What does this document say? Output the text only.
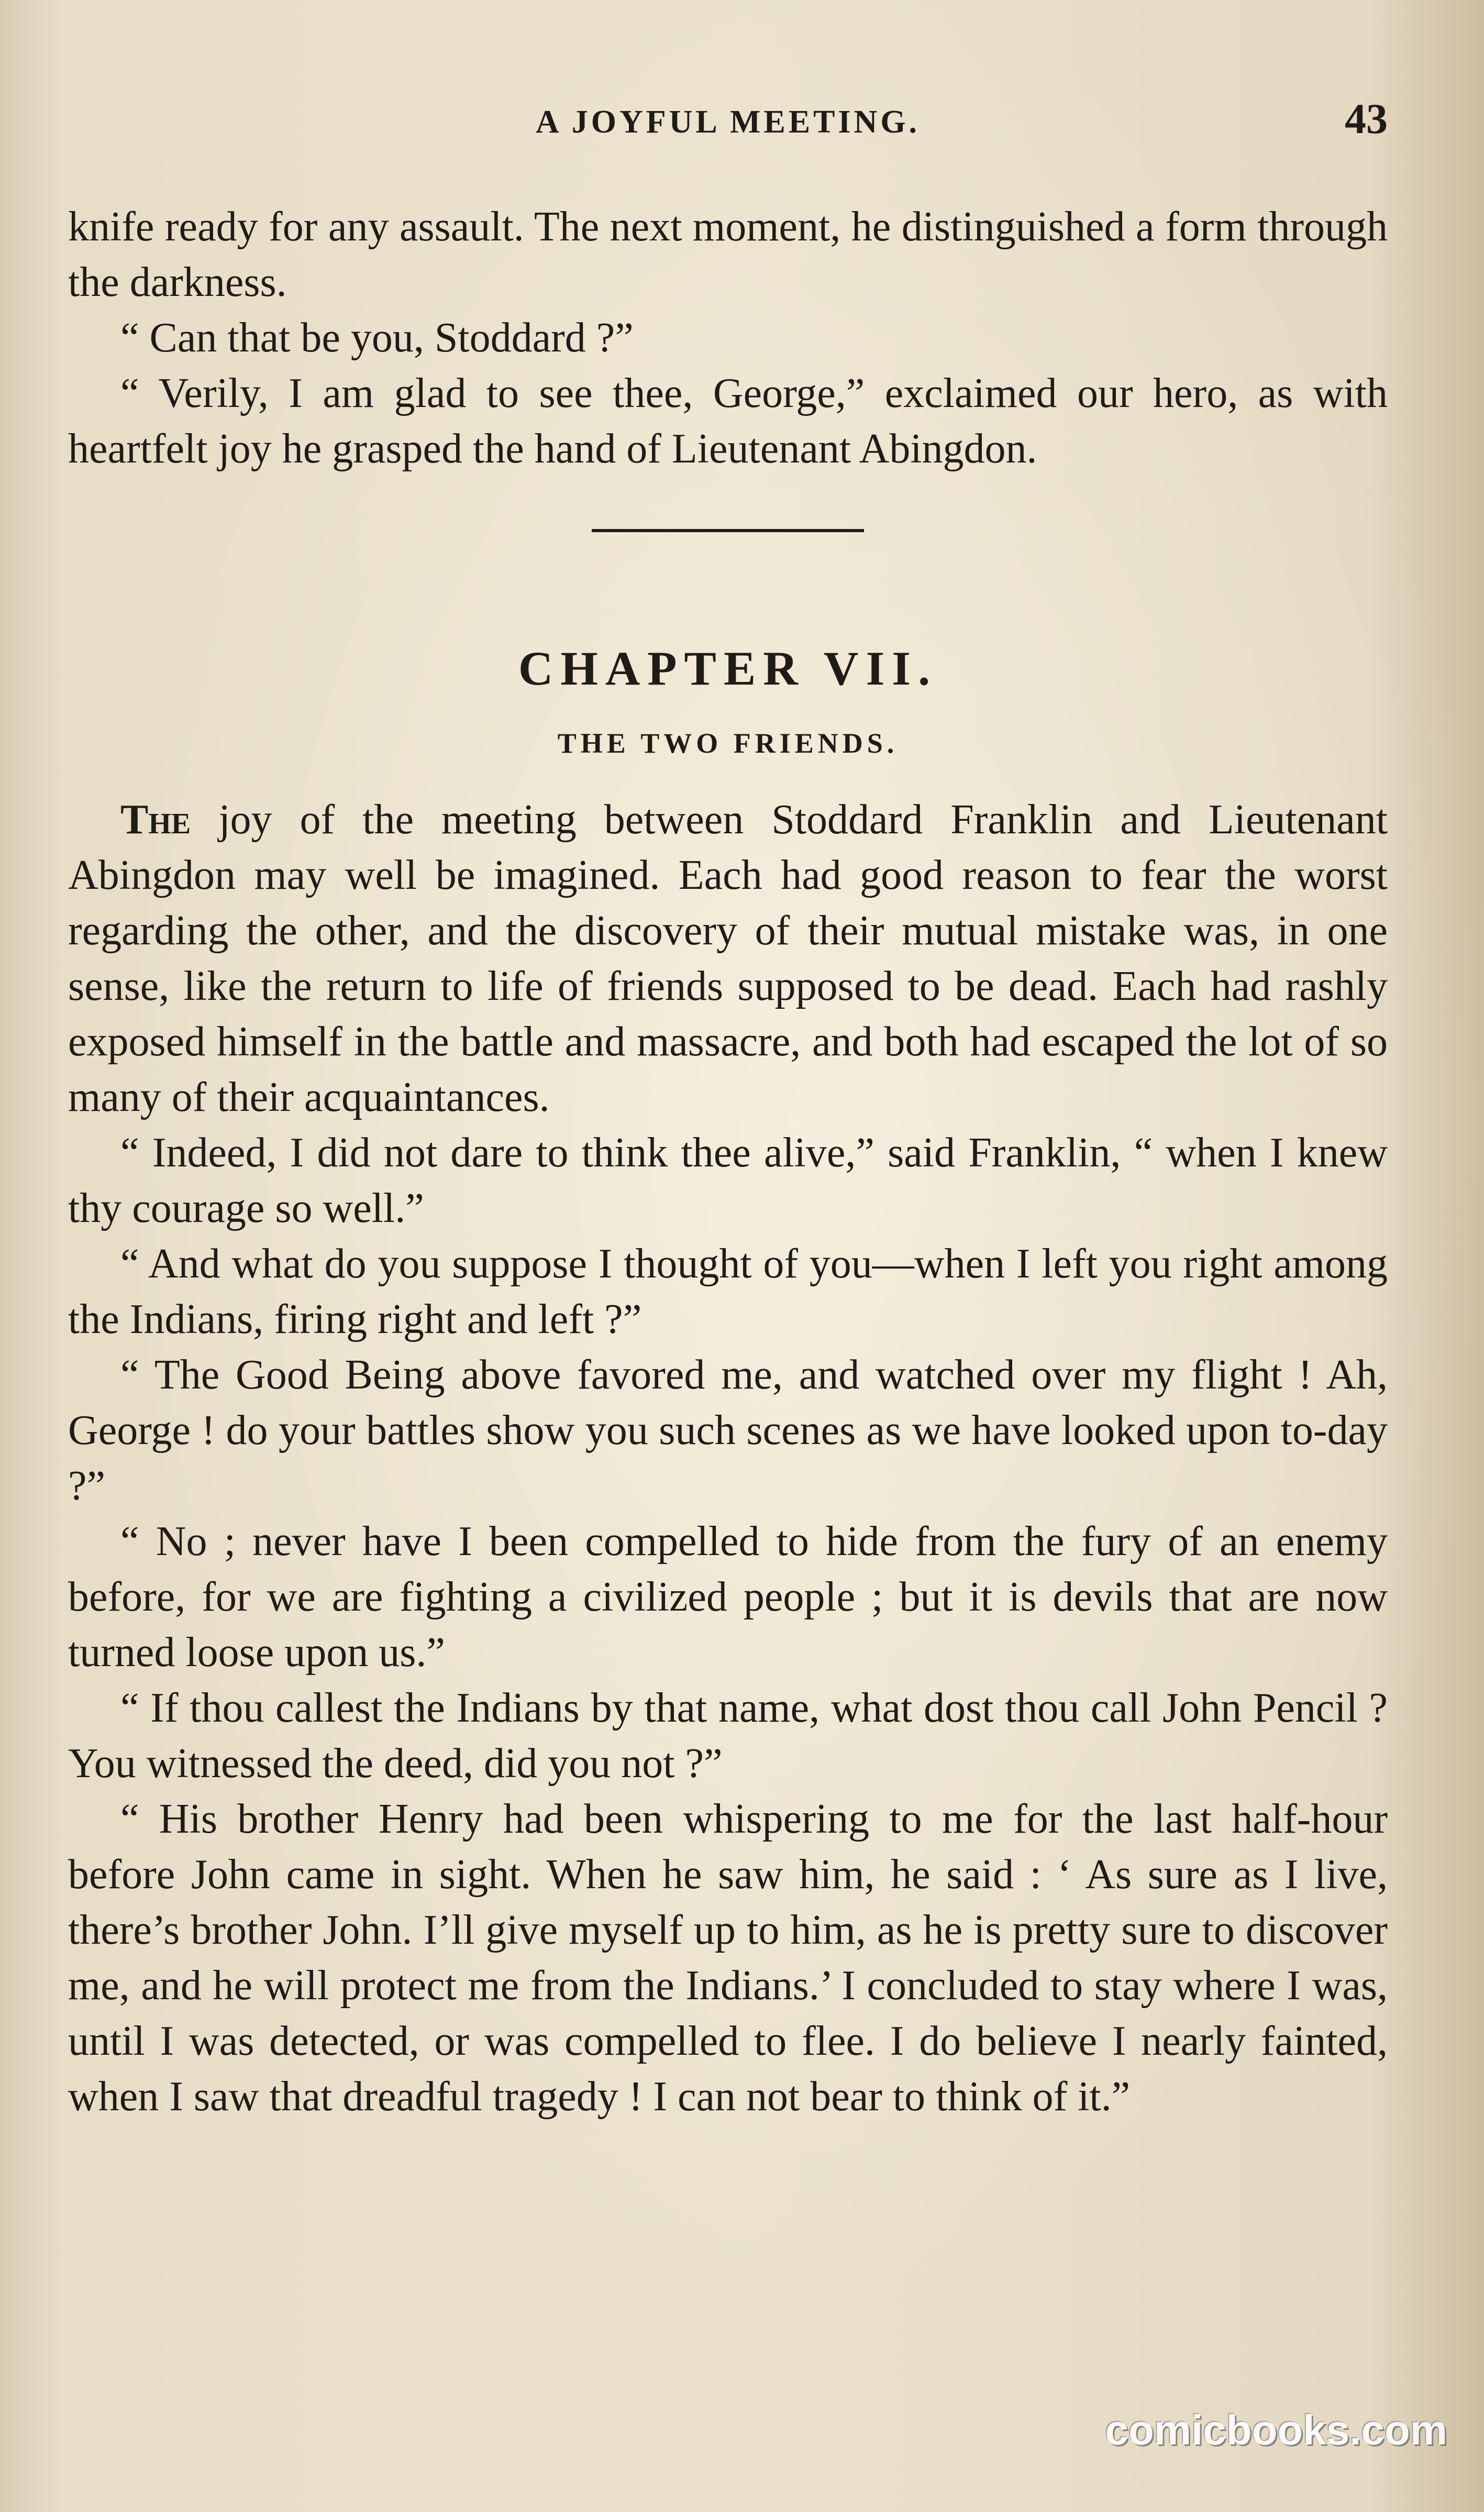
A JOYFUL MEETING.	43

knife ready for any assault. The next moment, he distinguished a form through the darkness.

“ Can that be you, Stoddard ?”

“ Verily, I am glad to see thee, George,” exclaimed our hero, as with heartfelt joy he grasped the hand of Lieutenant Abingdon.

CHAPTER VII.
THE TWO FRIENDS.

The joy of the meeting between Stoddard Franklin and Lieutenant Abingdon may well be imagined. Each had good reason to fear the worst regarding the other, and the discovery of their mutual mistake was, in one sense, like the return to life of friends supposed to be dead. Each had rashly exposed himself in the battle and massacre, and both had escaped the lot of so many of their acquaintances.

“ Indeed, I did not dare to think thee alive,” said Franklin, “ when I knew thy courage so well.”

“ And what do you suppose I thought of you—when I left you right among the Indians, firing right and left ?”

“ The Good Being above favored me, and watched over my flight ! Ah, George ! do your battles show you such scenes as we have looked upon to-day ?”

“ No ; never have I been compelled to hide from the fury of an enemy before, for we are fighting a civilized people ; but it is devils that are now turned loose upon us.”

“ If thou callest the Indians by that name, what dost thou call John Pencil ? You witnessed the deed, did you not ?”

“ His brother Henry had been whispering to me for the last half-hour before John came in sight. When he saw him, he said : ‘ As sure as I live, there’s brother John. I’ll give myself up to him, as he is pretty sure to discover me, and he will protect me from the Indians.’ I concluded to stay where I was, until I was detected, or was compelled to flee. I do believe I nearly fainted, when I saw that dreadful tragedy ! I can not bear to think of it.”

comicbooks.com
